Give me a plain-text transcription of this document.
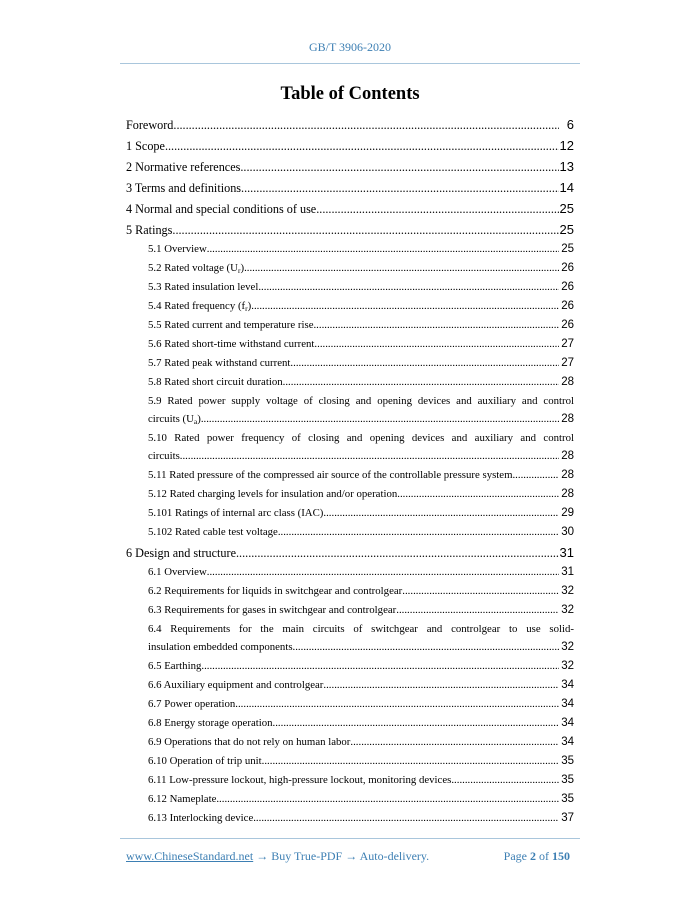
GB/T 3906-2020
Table of Contents
Foreword .....	6
1 Scope .....	12
2 Normative references .....	13
3 Terms and definitions .....	14
4 Normal and special conditions of use .....	25
5 Ratings .....	25
5.1 Overview .....	25
5.2 Rated voltage $(U_r)$ .....	26
5.3 Rated insulation level .....	26
5.4 Rated frequency $(f_r)$ .....	26
5.5 Rated current and temperature rise .....	26
5.6 Rated short-time withstand current .....	27
5.7 Rated peak withstand current .....	27
5.8 Rated short circuit duration .....	28
5.9 Rated power supply voltage of closing and opening devices and auxiliary and control
circuits $(U_a)$ .....	28
5.10 Rated power frequency of closing and opening devices and auxiliary and control
circuits .....	28
5.11 Rated pressure of the compressed air source of the controllable pressure system .....	28
5.12 Rated charging levels for insulation and/or operation .....	28
5.101 Ratings of internal arc class (IAC) .....	29
5.102 Rated cable test voltage .....	30
6 Design and structure .....	31
6.1 Overview .....	31
6.2 Requirements for liquids in switchgear and controlgear .....	32
6.3 Requirements for gases in switchgear and controlgear .....	32
6.4 Requirements for the main circuits of switchgear and controlgear to use solid-
insulation embedded components .....	32
6.5 Earthing .....	32
6.6 Auxiliary equipment and controlgear .....	34
6.7 Power operation .....	34
6.8 Energy storage operation .....	34
6.9 Operations that do not rely on human labor .....	34
6.10 Operation of trip unit .....	35
6.11 Low-pressure lockout, high-pressure lockout, monitoring devices .....	35
6.12 Nameplate .....	35
6.13 Interlocking device .....	37
www.ChineseStandard.net → Buy True-PDF → Auto-delivery.	Page 2 of 150
